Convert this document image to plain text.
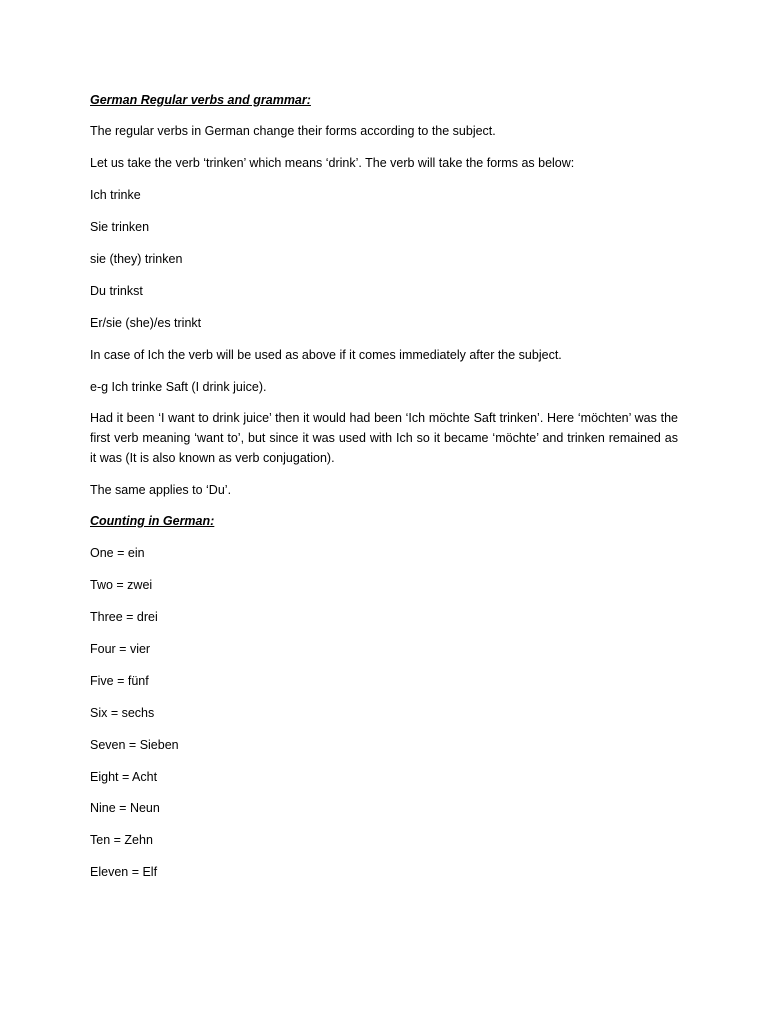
German Regular verbs and grammar:
The regular verbs in German change their forms according to the subject.
Let us take the verb ‘trinken’ which means ‘drink’. The verb will take the forms as below:
Ich trinke
Sie trinken
sie (they) trinken
Du trinkst
Er/sie (she)/es trinkt
In case of Ich the verb will be used as above if it comes immediately after the subject.
e-g Ich trinke Saft (I drink juice).

Had it been ‘I want to drink juice’ then it would had been ‘Ich möchte Saft trinken’. Here ‘möchten’ was the first verb meaning ‘want to’, but since it was used with Ich so it became ‘möchte’ and trinken remained as it was (It is also known as verb conjugation).

The same applies to ‘Du’.
Counting in German:
One = ein
Two = zwei
Three = drei
Four = vier
Five = fünf
Six = sechs
Seven = Sieben
Eight = Acht
Nine = Neun
Ten = Zehn
Eleven = Elf
